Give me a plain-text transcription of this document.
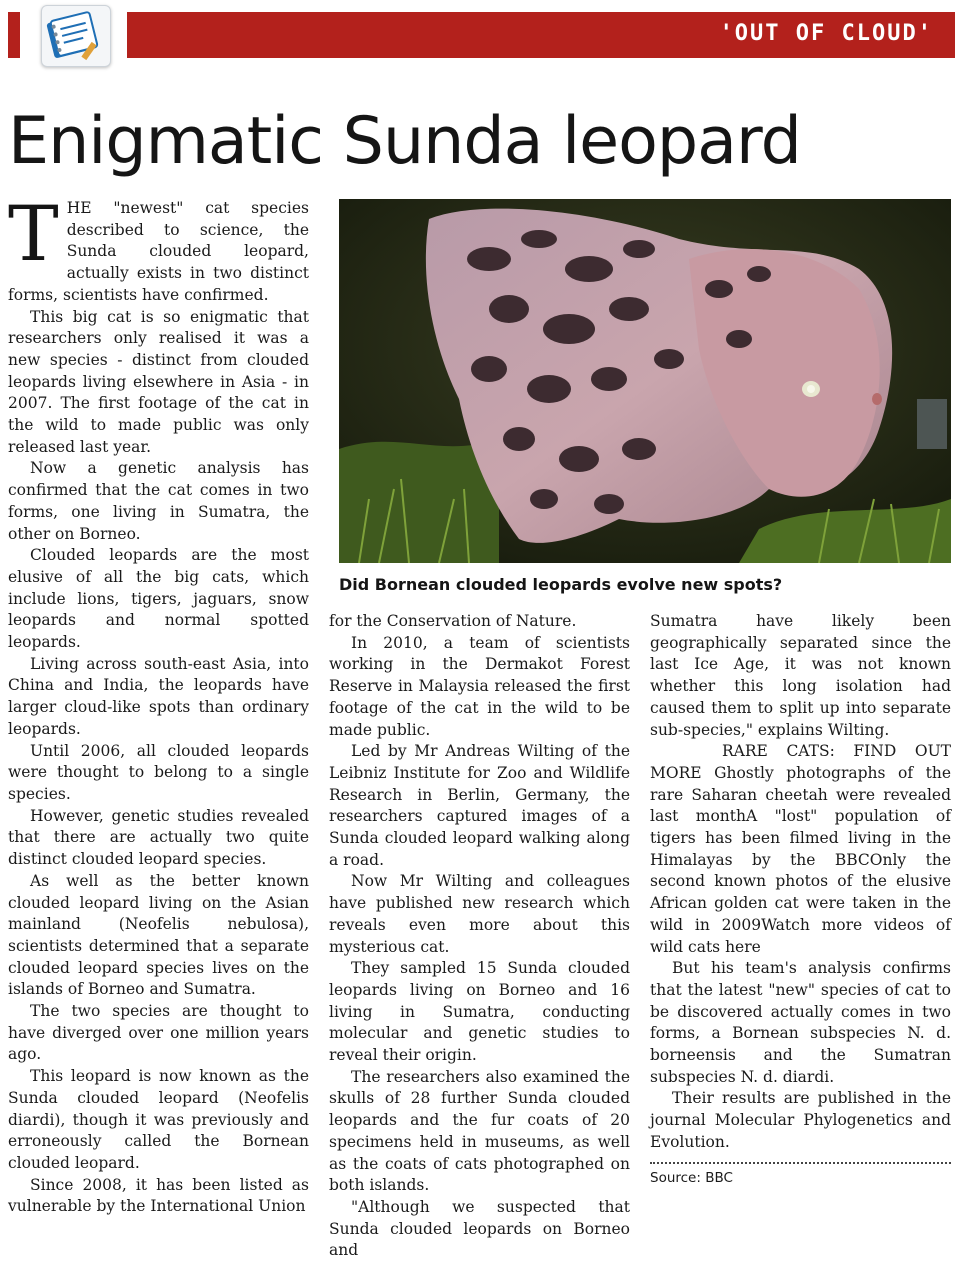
'OUT OF CLOUD'
Enigmatic Sunda leopard

THE "newest" cat species described to science, the Sunda clouded leopard, actually exists in two distinct forms, scientists have confirmed.

This big cat is so enigmatic that researchers only realised it was a new species - distinct from clouded leopards living elsewhere in Asia - in 2007. The first footage of the cat in the wild to made public was only released last year.

Now a genetic analysis has confirmed that the cat comes in two forms, one living in Sumatra, the other on Borneo.

Clouded leopards are the most elusive of all the big cats, which include lions, tigers, jaguars, snow leopards and normal spotted leopards.

Living across south-east Asia, into China and India, the leopards have larger cloud-like spots than ordinary leopards.

Until 2006, all clouded leopards were thought to belong to a single species.

However, genetic studies revealed that there are actually two quite distinct clouded leopard species.

As well as the better known clouded leopard living on the Asian mainland (Neofelis nebulosa), scientists determined that a separate clouded leopard species lives on the islands of Borneo and Sumatra.

The two species are thought to have diverged over one million years ago.

This leopard is now known as the Sunda clouded leopard (Neofelis diardi), though it was previously and erroneously called the Bornean clouded leopard.

Since 2008, it has been listed as vulnerable by the International Union

Did Bornean clouded leopards evolve new spots?

for the Conservation of Nature.

In 2010, a team of scientists working in the Dermakot Forest Reserve in Malaysia released the first footage of the cat in the wild to be made public.

Led by Mr Andreas Wilting of the Leibniz Institute for Zoo and Wildlife Research in Berlin, Germany, the researchers captured images of a Sunda clouded leopard walking along a road.

Now Mr Wilting and colleagues have published new research which reveals even more about this mysterious cat.

They sampled 15 Sunda clouded leopards living on Borneo and 16 living in Sumatra, conducting molecular and genetic studies to reveal their origin.

The researchers also examined the skulls of 28 further Sunda clouded leopards and the fur coats of 20 specimens held in museums, as well as the coats of cats photographed on both islands.

"Although we suspected that Sunda clouded leopards on Borneo and

Sumatra have likely been geographically separated since the last Ice Age, it was not known whether this long isolation had caused them to split up into separate sub-species," explains Wilting.

RARE CATS: FIND OUT MORE Ghostly photographs of the rare Saharan cheetah were revealed last monthA "lost" population of tigers has been filmed living in the Himalayas by the BBCOnly the second known photos of the elusive African golden cat were taken in the wild in 2009Watch more videos of wild cats here

But his team's analysis confirms that the latest "new" species of cat to be discovered actually comes in two forms, a Bornean subspecies N. d. borneensis and the Sumatran subspecies N. d. diardi.

Their results are published in the journal Molecular Phylogenetics and Evolution.

Source: BBC
